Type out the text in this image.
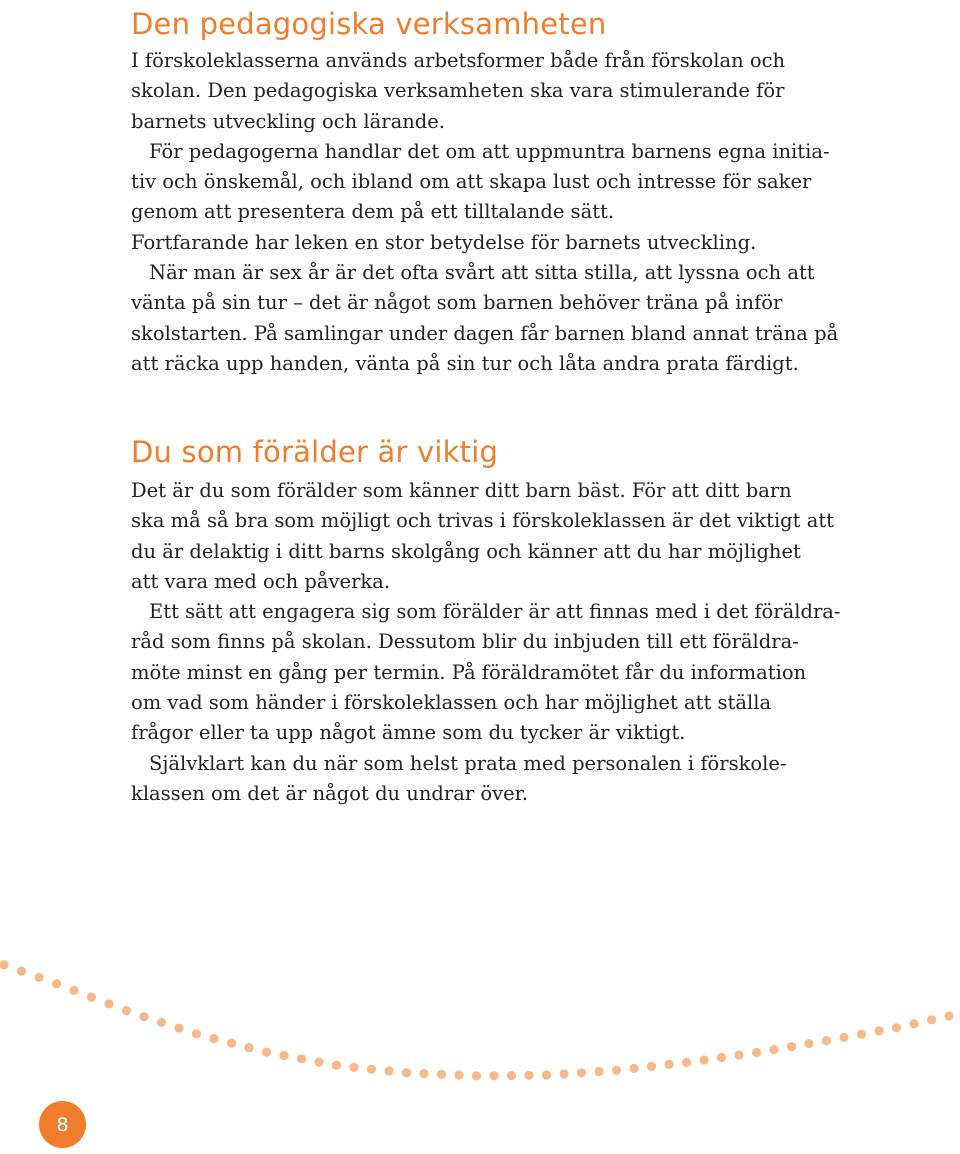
Den pedagogiska verksamheten
I förskoleklasserna används arbetsformer både från förskolan och
skolan. Den pedagogiska verksamheten ska vara stimulerande för
barnets utveckling och lärande.
För pedagogerna handlar det om att uppmuntra barnens egna initia-
tiv och önskemål, och ibland om att skapa lust och intresse för saker
genom att presentera dem på ett tilltalande sätt.
Fortfarande har leken en stor betydelse för barnets utveckling.
När man är sex år är det ofta svårt att sitta stilla, att lyssna och att
vänta på sin tur – det är något som barnen behöver träna på inför
skolstarten. På samlingar under dagen får barnen bland annat träna på
att räcka upp handen, vänta på sin tur och låta andra prata färdigt.
Du som förälder är viktig
Det är du som förälder som känner ditt barn bäst. För att ditt barn
ska må så bra som möjligt och trivas i förskoleklassen är det viktigt att
du är delaktig i ditt barns skolgång och känner att du har möjlighet
att vara med och påverka.
Ett sätt att engagera sig som förälder är att finnas med i det föräldra-
råd som finns på skolan. Dessutom blir du inbjuden till ett föräldra-
möte minst en gång per termin. På föräldramötet får du information
om vad som händer i förskoleklassen och har möjlighet att ställa
frågor eller ta upp något ämne som du tycker är viktigt.
Självklart kan du när som helst prata med personalen i förskole-
klassen om det är något du undrar över.
8
